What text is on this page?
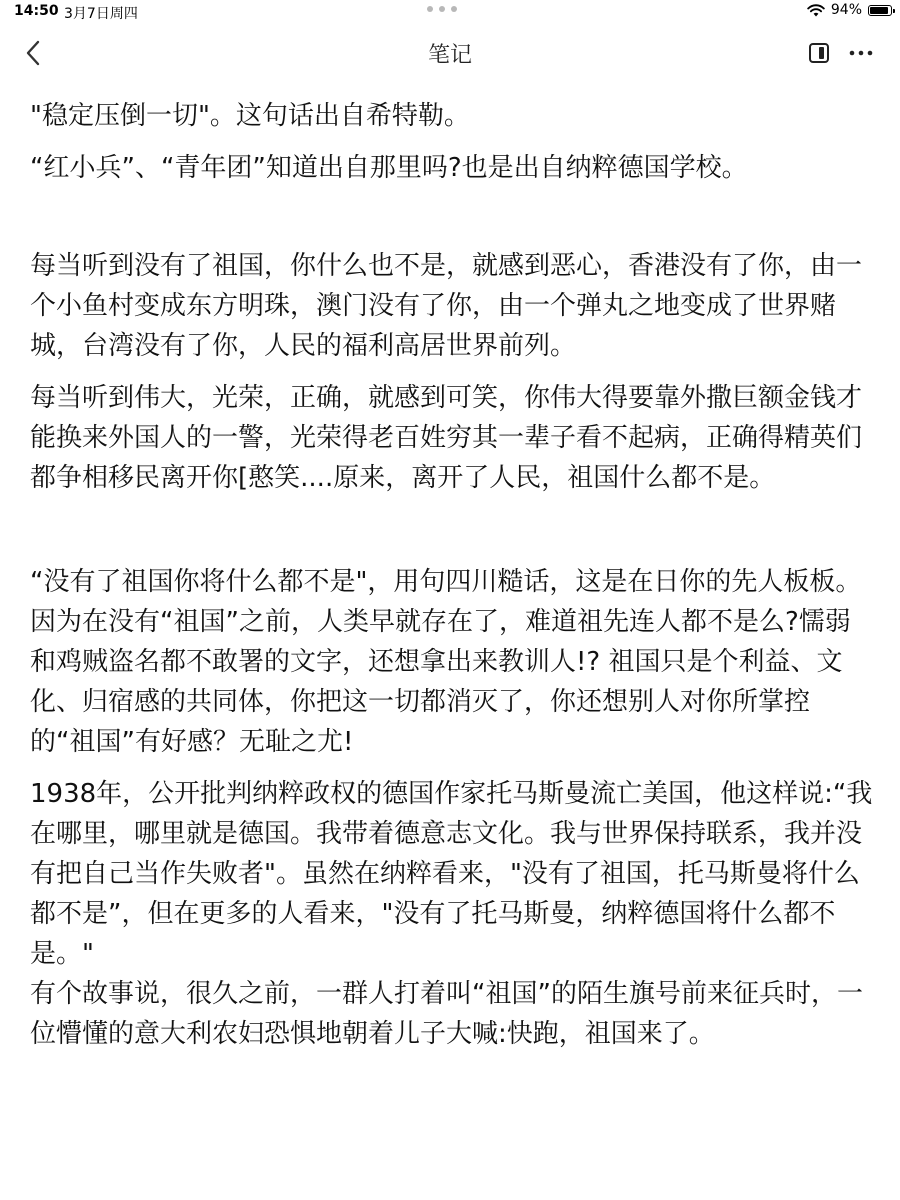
14:50 3月7日周四	94%
笔记

"稳定压倒一切"。这句话出自希特勒。

“红小兵”、“青年团”知道出自那里吗?也是出自纳粹德国学校。

每当听到没有了祖国，你什么也不是，就感到恶心，香港没有了你，由一个小鱼村变成东方明珠，澳门没有了你，由一个弹丸之地变成了世界赌城，台湾没有了你，人民的福利高居世界前列。

每当听到伟大，光荣，正确，就感到可笑，你伟大得要靠外撒巨额金钱才能换来外国人的一警，光荣得老百姓穷其一辈子看不起病，正确得精英们都争相移民离开你[憨笑....原来，离开了人民，祖国什么都不是。

“没有了祖国你将什么都不是"，用句四川糙话，这是在日你的先人板板。因为在没有“祖国”之前，人类早就存在了，难道祖先连人都不是么?懦弱和鸡贼盗名都不敢署的文字，还想拿出来教训人!? 祖国只是个利益、文化、归宿感的共同体，你把这一切都消灭了，你还想别人对你所掌控的“祖国”有好感？无耻之尤!

1938年，公开批判纳粹政权的德国作家托马斯曼流亡美国，他这样说:“我在哪里，哪里就是德国。我带着德意志文化。我与世界保持联系，我并没有把自己当作失败者"。虽然在纳粹看来，"没有了祖国，托马斯曼将什么都不是”，但在更多的人看来，"没有了托马斯曼，纳粹德国将什么都不是。"

有个故事说，很久之前，一群人打着叫“祖国”的陌生旗号前来征兵时，一位懵懂的意大利农妇恐惧地朝着儿子大喊:快跑，祖国来了。
